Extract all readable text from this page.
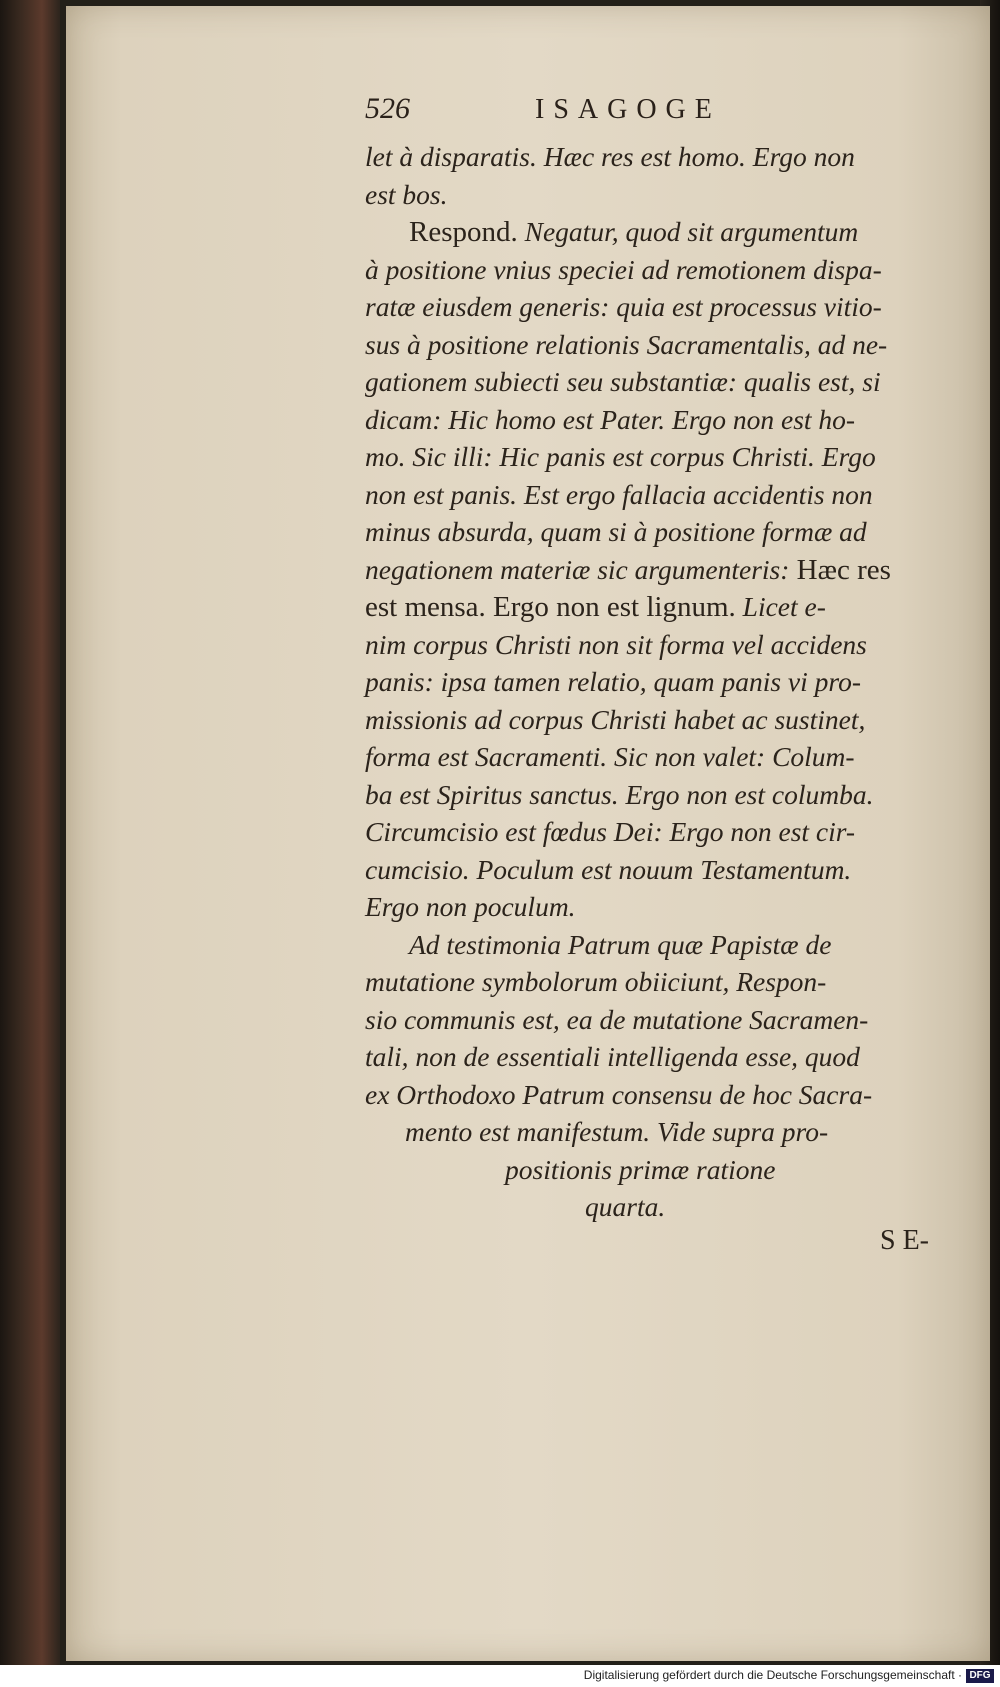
526	ISAGOGE
let à disparatis. Hæc res est homo. Ergo non
est bos.
Respond. Negatur, quod sit argumentum
à positione vnius speciei ad remotionem dispa-
ratæ eiusdem generis: quia est processus vitio-
sus à positione relationis Sacramentalis, ad ne-
gationem subiecti seu substantiæ: qualis est, si
dicam: Hic homo est Pater. Ergo non est ho-
mo. Sic illi: Hic panis est corpus Christi. Ergo
non est panis. Est ergo fallacia accidentis non
minus absurda, quam si à positione formæ ad
negationem materiæ sic argumenteris: Hæc res
est mensa. Ergo non est lignum. Licet e-
nim corpus Christi non sit forma vel accidens
panis: ipsa tamen relatio, quam panis vi pro-
missionis ad corpus Christi habet ac sustinet,
forma est Sacramenti. Sic non valet: Colum-
ba est Spiritus sanctus. Ergo non est columba.
Circumcisio est fœdus Dei: Ergo non est cir-
cumcisio. Poculum est nouum Testamentum.
Ergo non poculum.
Ad testimonia Patrum quæ Papistæ de
mutatione symbolorum obiiciunt, Respon-
sio communis est, ea de mutatione Sacramen-
tali, non de essentiali intelligenda esse, quod
ex Orthodoxo Patrum consensu de hoc Sacra-
mento est manifestum. Vide supra pro-
positionis primæ ratione
quarta.
S E-
Digitalisierung gefördert durch die Deutsche Forschungsgemeinschaft · DFG
